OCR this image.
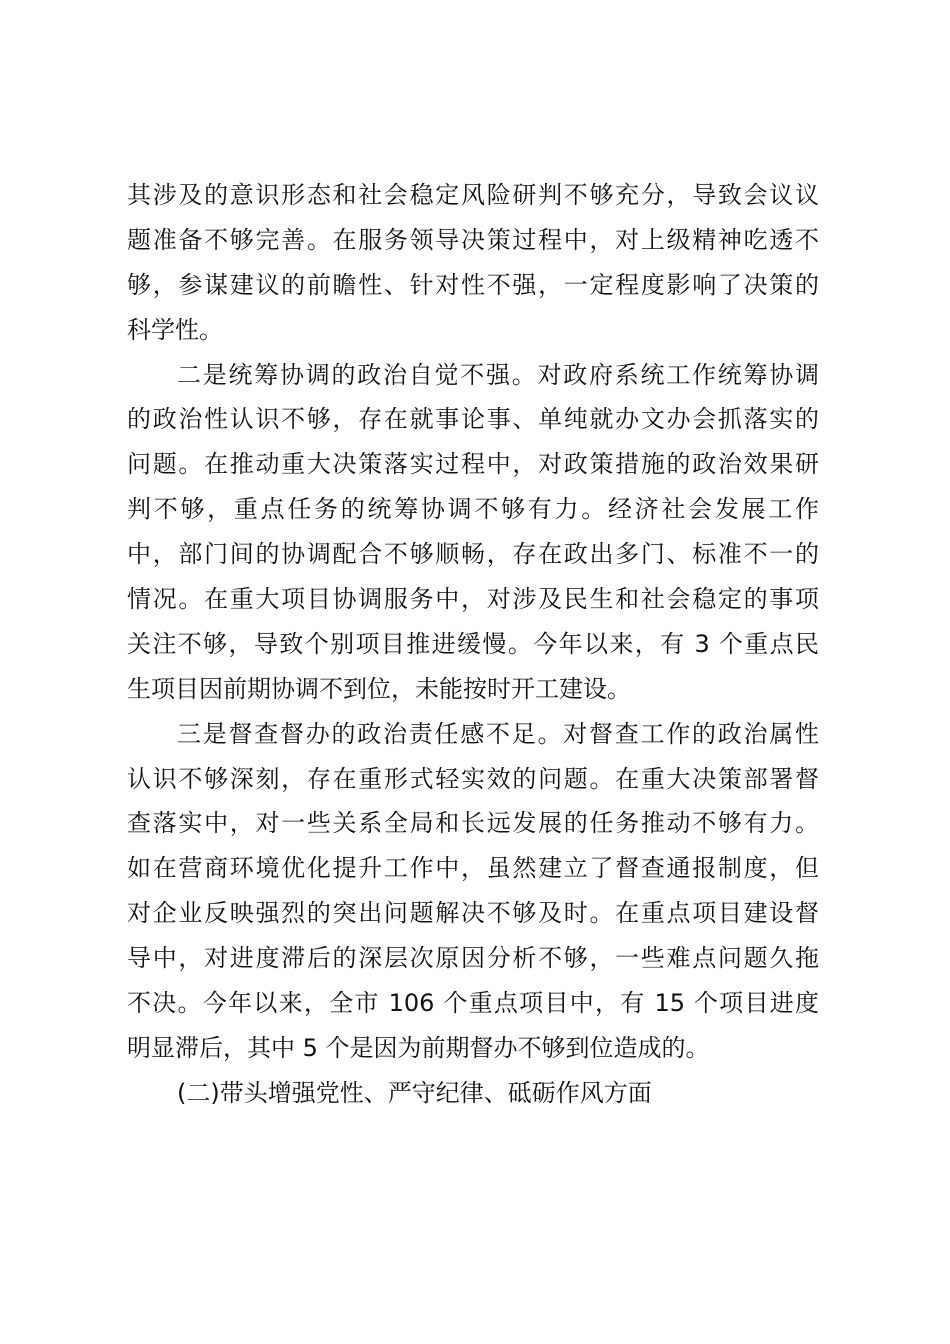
其涉及的意识形态和社会稳定风险研判不够充分，导致会议议
题准备不够完善。在服务领导决策过程中，对上级精神吃透不
够，参谋建议的前瞻性、针对性不强，一定程度影响了决策的
科学性。
二是统筹协调的政治自觉不强。对政府系统工作统筹协调
的政治性认识不够，存在就事论事、单纯就办文办会抓落实的
问题。在推动重大决策落实过程中，对政策措施的政治效果研
判不够，重点任务的统筹协调不够有力。经济社会发展工作
中，部门间的协调配合不够顺畅，存在政出多门、标准不一的
情况。在重大项目协调服务中，对涉及民生和社会稳定的事项
关注不够，导致个别项目推进缓慢。今年以来，有 3 个重点民
生项目因前期协调不到位，未能按时开工建设。
三是督查督办的政治责任感不足。对督查工作的政治属性
认识不够深刻，存在重形式轻实效的问题。在重大决策部署督
查落实中，对一些关系全局和长远发展的任务推动不够有力。
如在营商环境优化提升工作中，虽然建立了督查通报制度，但
对企业反映强烈的突出问题解决不够及时。在重点项目建设督
导中，对进度滞后的深层次原因分析不够，一些难点问题久拖
不决。今年以来，全市 106 个重点项目中，有 15 个项目进度
明显滞后，其中 5 个是因为前期督办不够到位造成的。
(二)带头增强党性、严守纪律、砥砺作风方面
